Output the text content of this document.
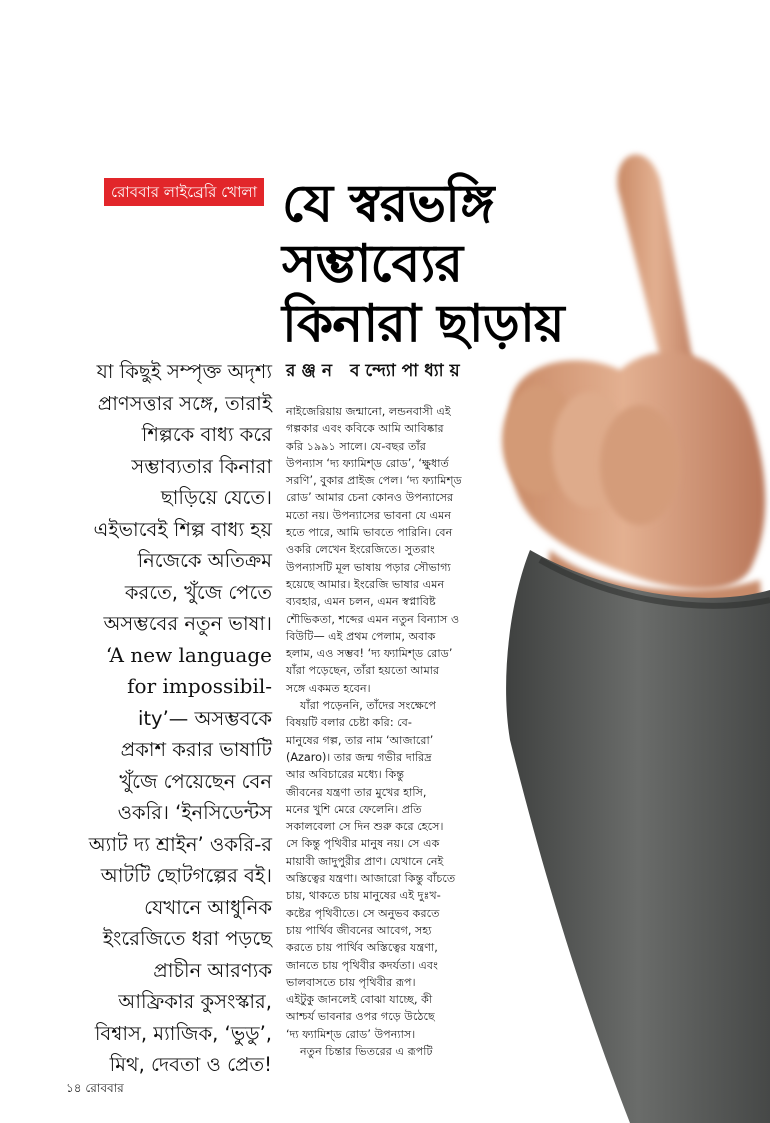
রোববার লাইব্রেরি খোলা যে স্বরভঙ্গি
সম্ভাব্যের
কিনারা ছাড়ায়
রঞ্জন বন্দ্যোপাধ্যায়
যা কিছুই সম্পৃক্ত অদৃশ্য
প্রাণসত্তার সঙ্গে, তারাই
শিল্পকে বাধ্য করে
সম্ভাব্যতার কিনারা
ছাড়িয়ে যেতে।
এইভাবেই শিল্প বাধ্য হয়
নিজেকে অতিক্রম
করতে, খুঁজে পেতে
অসম্ভবের নতুন ভাষা।
‘A new language
for impossibil-
ity’— অসম্ভবকে
প্রকাশ করার ভাষাটি
খুঁজে পেয়েছেন বেন
ওকরি। ‘ইনসিডেন্টস
অ্যাট দ্য শ্রাইন’ ওকরি-র
আটটি ছোটগল্পের বই।
যেখানে আধুনিক
ইংরেজিতে ধরা পড়ছে
প্রাচীন আরণ্যক
আফ্রিকার কুসংস্কার,
বিশ্বাস, ম্যাজিক, ‘ভুডু’,
মিথ, দেবতা ও প্রেত!
নাইজেরিয়ায় জন্মানো, লন্ডনবাসী এই
গল্পকার এবং কবিকে আমি আবিষ্কার
করি ১৯৯১ সালে। যে-বছর তাঁর
উপন্যাস ‘দ্য ফ্যামিশ্‌ড রোড’, ‘ক্ষুধার্ত
সরণি’, বুকার প্রাইজ পেল। ‘দ্য ফ্যামিশ্‌ড
রোড’ আমার চেনা কোনও উপন্যাসের
মতো নয়। উপন্যাসের ভাবনা যে এমন
হতে পারে, আমি ভাবতে পারিনি। বেন
ওকরি লেখেন ইংরেজিতে। সুতরাং
উপন্যাসটি মূল ভাষায় পড়ার সৌভাগ্য
হয়েছে আমার। ইংরেজি ভাষার এমন
ব্যবহার, এমন চলন, এমন স্বপ্নাবিষ্ট
শৌভিকতা, শব্দের এমন নতুন বিন্যাস ও
বিউটি— এই প্রথম পেলাম, অবাক
হলাম, এও সম্ভব! ‘দ্য ফ্যামিশ্‌ড রোড’
যাঁরা পড়েছেন, তাঁরা হয়তো আমার
সঙ্গে একমত হবেন।
যাঁরা পড়েননি, তাঁদের সংক্ষেপে
বিষয়টি বলার চেষ্টা করি: বে-
মানুষের গল্প, তার নাম ‘আজারো’
(Azaro)। তার জন্ম গভীর দারিদ্র
আর অবিচারের মধ্যে। কিন্তু
জীবনের যন্ত্রণা তার মুখের হাসি,
মনের খুশি মেরে ফেলেনি। প্রতি
সকালবেলা সে দিন শুরু করে হেসে।
সে কিন্তু পৃথিবীর মানুষ নয়। সে এক
মায়াবী জাদুপুরীর প্রাণ। যেখানে নেই
অস্তিত্বের যন্ত্রণা। আজারো কিন্তু বাঁচতে
চায়, থাকতে চায় মানুষের এই দুঃখ-
কষ্টের পৃথিবীতে। সে অনুভব করতে
চায় পার্থিব জীবনের আবেগ, সহ্য
করতে চায় পার্থিব অস্তিত্বের যন্ত্রণা,
জানতে চায় পৃথিবীর কদর্যতা। এবং
ভালবাসতে চায় পৃথিবীর রূপ।
এইটুকু জানলেই বোঝা যাচ্ছে, কী
আশ্চর্য ভাবনার ওপর গড়ে উঠেছে
‘দ্য ফ্যামিশ্‌ড রোড’ উপন্যাস।
নতুন চিন্তার ভিতরের এ রূপটি
১৪ রোববার
